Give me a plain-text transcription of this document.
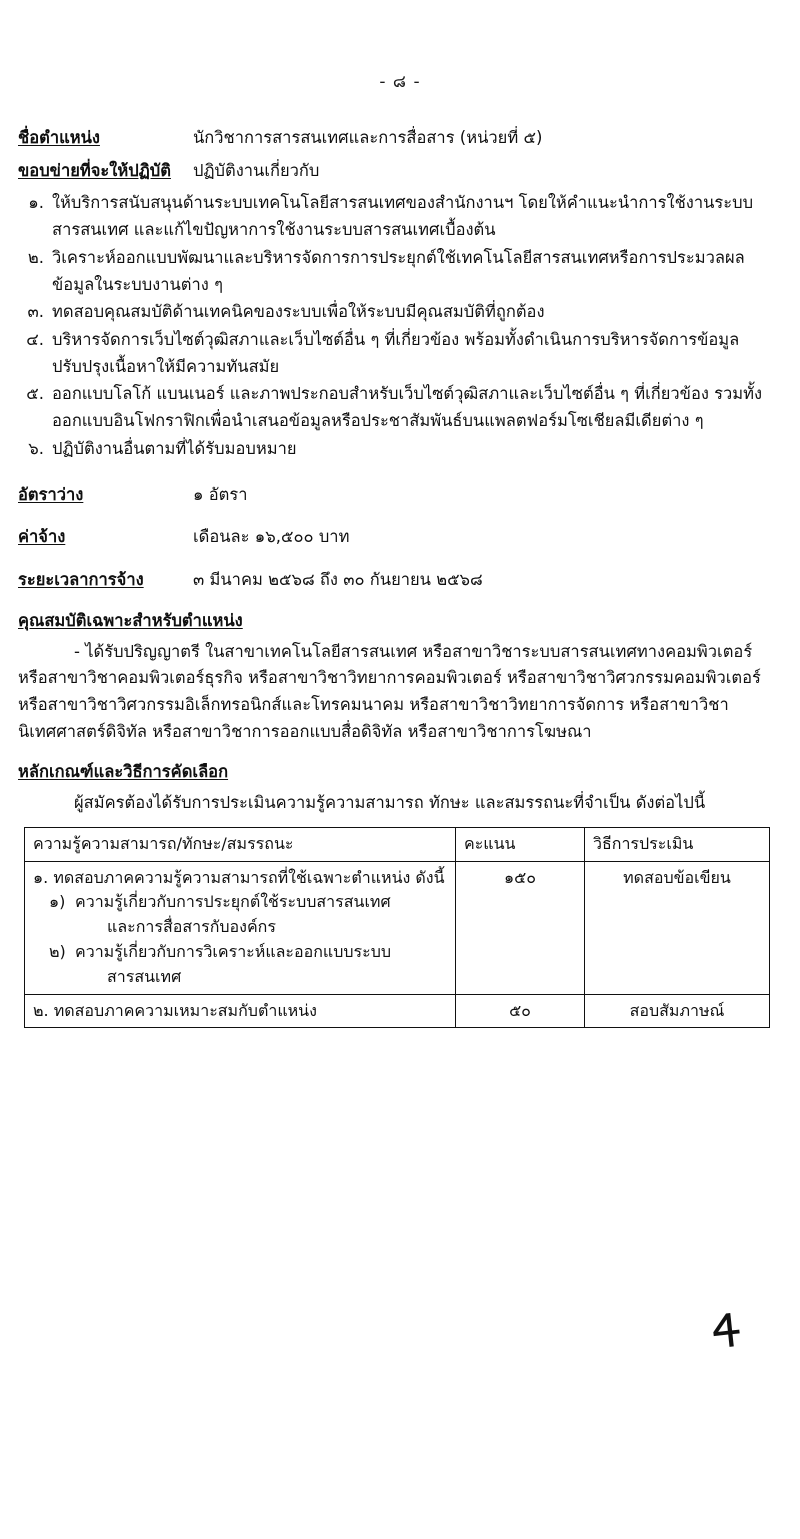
- ๘ -
ชื่อตำแหน่ง	นักวิชาการสารสนเทศและการสื่อสาร (หน่วยที่ ๕)
ขอบข่ายที่จะให้ปฏิบัติ	ปฏิบัติงานเกี่ยวกับ
๑. ให้บริการสนับสนุนด้านระบบเทคโนโลยีสารสนเทศของสำนักงานฯ โดยให้คำแนะนำการใช้งานระบบสารสนเทศ และแก้ไขปัญหาการใช้งานระบบสารสนเทศเบื้องต้น
๒. วิเคราะห์ออกแบบพัฒนาและบริหารจัดการการประยุกต์ใช้เทคโนโลยีสารสนเทศหรือการประมวลผลข้อมูลในระบบงานต่าง ๆ
๓. ทดสอบคุณสมบัติด้านเทคนิคของระบบเพื่อให้ระบบมีคุณสมบัติที่ถูกต้อง
๔. บริหารจัดการเว็บไซต์วุฒิสภาและเว็บไซต์อื่น ๆ ที่เกี่ยวข้อง พร้อมทั้งดำเนินการบริหารจัดการข้อมูลปรับปรุงเนื้อหาให้มีความทันสมัย
๕. ออกแบบโลโก้ แบนเนอร์ และภาพประกอบสำหรับเว็บไซต์วุฒิสภาและเว็บไซต์อื่น ๆ ที่เกี่ยวข้อง รวมทั้งออกแบบอินโฟกราฟิกเพื่อนำเสนอข้อมูลหรือประชาสัมพันธ์บนแพลตฟอร์มโซเชียลมีเดียต่าง ๆ
๖. ปฏิบัติงานอื่นตามที่ได้รับมอบหมาย
อัตราว่าง	๑ อัตรา
ค่าจ้าง	เดือนละ ๑๖,๕๐๐ บาท
ระยะเวลาการจ้าง	๓ มีนาคม ๒๕๖๘ ถึง ๓๐ กันยายน ๒๕๖๘
คุณสมบัติเฉพาะสำหรับตำแหน่ง
- ได้รับปริญญาตรี ในสาขาเทคโนโลยีสารสนเทศ หรือสาขาวิชาระบบสารสนเทศทางคอมพิวเตอร์ หรือสาขาวิชาคอมพิวเตอร์ธุรกิจ หรือสาขาวิชาวิทยาการคอมพิวเตอร์ หรือสาขาวิชาวิศวกรรมคอมพิวเตอร์ หรือสาขาวิชาวิศวกรรมอิเล็กทรอนิกส์และโทรคมนาคม หรือสาขาวิชาวิทยาการจัดการ หรือสาขาวิชานิเทศศาสตร์ดิจิทัล หรือสาขาวิชาการออกแบบสื่อดิจิทัล หรือสาขาวิชาการโฆษณา
หลักเกณฑ์และวิธีการคัดเลือก
ผู้สมัครต้องได้รับการประเมินความรู้ความสามารถ ทักษะ และสมรรถนะที่จำเป็น ดังต่อไปนี้
ความรู้ความสามารถ/ทักษะ/สมรรถนะ	คะแนน	วิธีการประเมิน

๑. ทดสอบภาคความรู้ความสามารถที่ใช้เฉพาะตำแหน่ง ดังนี้
๑) ความรู้เกี่ยวกับการประยุกต์ใช้ระบบสารสนเทศ
และการสื่อสารกับองค์กร
๒) ความรู้เกี่ยวกับการวิเคราะห์และออกแบบระบบ
สารสนเทศ
	๑๕๐	ทดสอบข้อเขียน
๒. ทดสอบภาคความเหมาะสมกับตำแหน่ง	๕๐	สอบสัมภาษณ์
Ꮞ
